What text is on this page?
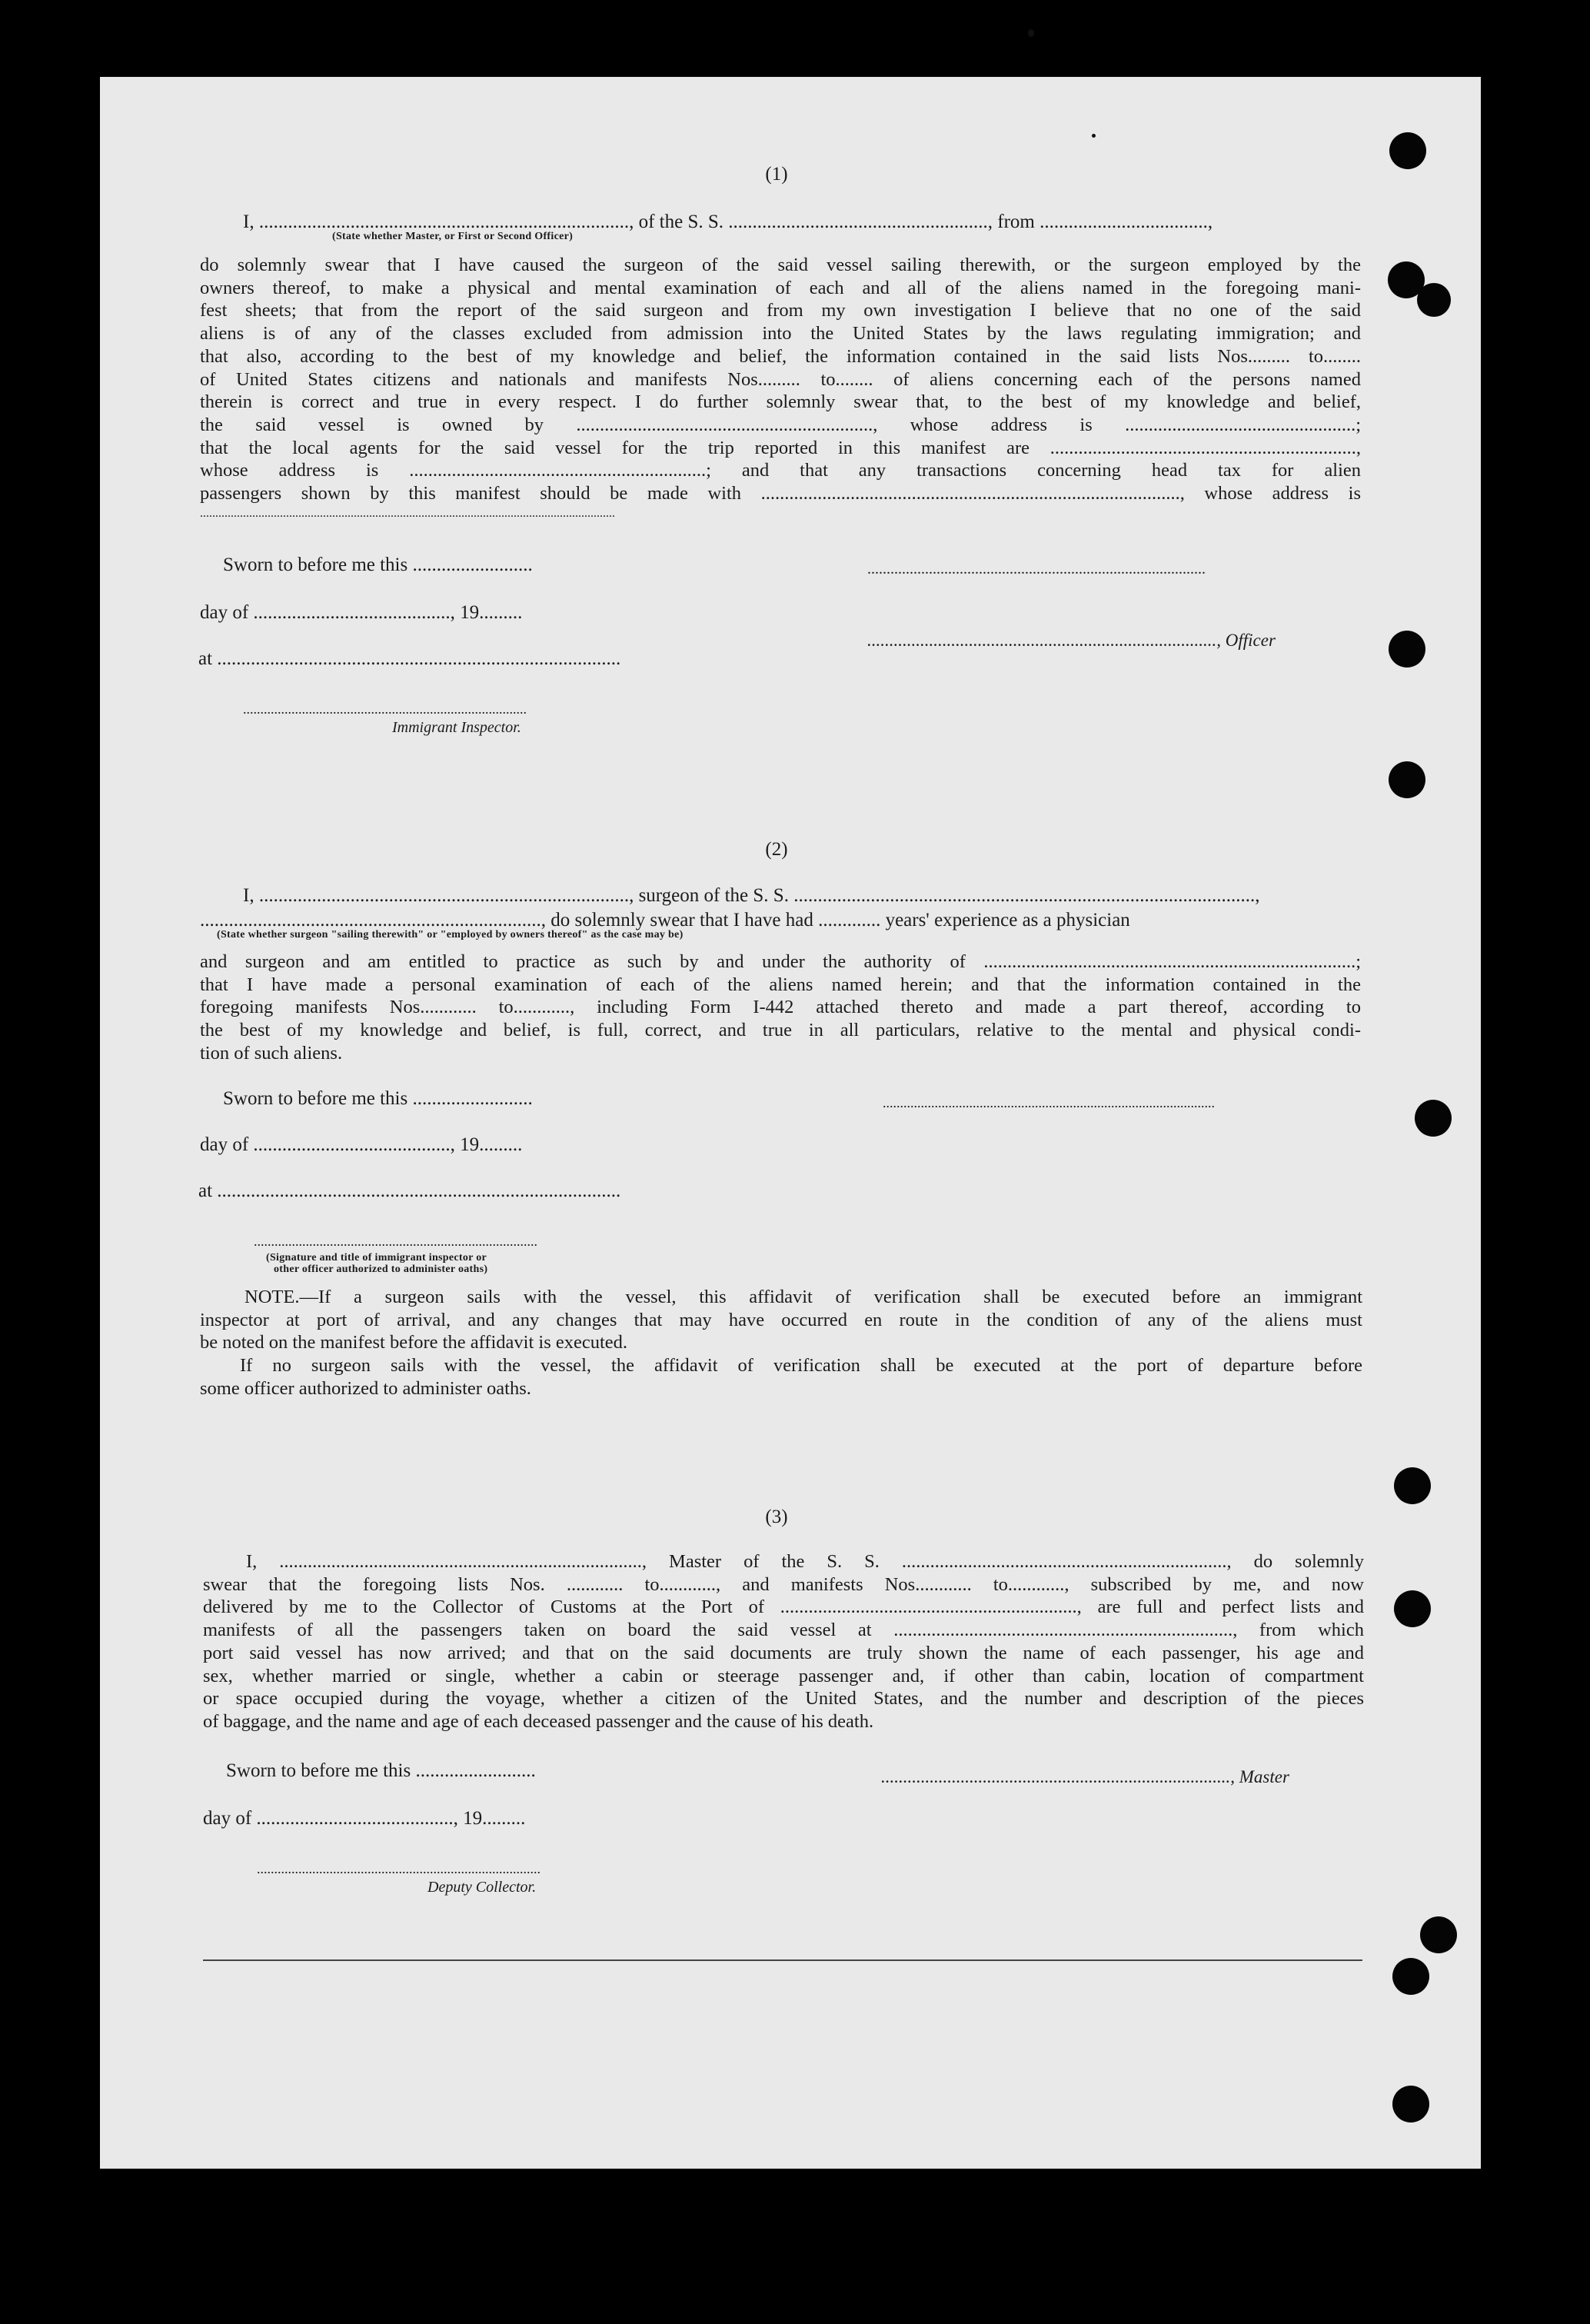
(1)
I, ............................................................................., of the S. S. ......................................................, from ...................................,
(State whether Master, or First or Second Officer)
do solemnly swear that I have caused the surgeon of the said vessel sailing therewith, or the surgeon employed by the
owners thereof, to make a physical and mental examination of each and all of the aliens named in the foregoing mani-
fest sheets; that from the report of the said surgeon and from my own investigation I believe that no one of the said
aliens is of any of the classes excluded from admission into the United States by the laws regulating immigration; and
that also, according to the best of my knowledge and belief, the information contained in the said lists Nos......... to........
of United States citizens and nationals and manifests Nos......... to........ of aliens concerning each of the persons named
therein is correct and true in every respect. I do further solemnly swear that, to the best of my knowledge and belief,
the said vessel is owned by ..............................................................., whose address is .................................................;
that the local agents for the said vessel for the trip reported in this manifest are .................................................................,
whose address is ...............................................................; and that any transactions concerning head tax for alien
passengers shown by this manifest should be made with ........................................................................................., whose address is
.......................................................................................................................................
Sworn to before me this .........................	........................................................................................
day of ........................................., 19.........
..............................................................................., Officer
at ....................................................................................
..................................................................................
Immigrant Inspector.
(2)
I, ............................................................................., surgeon of the S. S. ................................................................................................,
......................................................................., do solemnly swear that I have had ............. years' experience as a physician
(State whether surgeon "sailing therewith" or "employed by owners thereof" as the case may be)
and surgeon and am entitled to practice as such by and under the authority of ...............................................................................;
that I have made a personal examination of each of the aliens named herein; and that the information contained in the
foregoing manifests Nos............ to............, including Form I-442 attached thereto and made a part thereof, according to
the best of my knowledge and belief, is full, correct, and true in all particulars, relative to the mental and physical condi-
tion of such aliens.
Sworn to before me this .........................	................................................................................................
day of ........................................., 19.........
at ....................................................................................
..................................................................................
(Signature and title of immigrant inspector or
other officer authorized to administer oaths)
NOTE.—If a surgeon sails with the vessel, this affidavit of verification shall be executed before an immigrant
inspector at port of arrival, and any changes that may have occurred en route in the condition of any of the aliens must
be noted on the manifest before the affidavit is executed.
If no surgeon sails with the vessel, the affidavit of verification shall be executed at the port of departure before
some officer authorized to administer oaths.
(3)
I, ............................................................................., Master of the S. S. ....................................................................., do solemnly
swear that the foregoing lists Nos. ............ to............, and manifests Nos............ to............, subscribed by me, and now
delivered by me to the Collector of Customs at the Port of ..............................................................., are full and perfect lists and
manifests of all the passengers taken on board the said vessel at ........................................................................, from which
port said vessel has now arrived; and that on the said documents are truly shown the name of each passenger, his age and
sex, whether married or single, whether a cabin or steerage passenger and, if other than cabin, location of compartment
or space occupied during the voyage, whether a citizen of the United States, and the number and description of the pieces
of baggage, and the name and age of each deceased passenger and the cause of his death.
Sworn to before me this .........................	..............................................................................., Master
day of ........................................., 19.........
..................................................................................
Deputy Collector.
